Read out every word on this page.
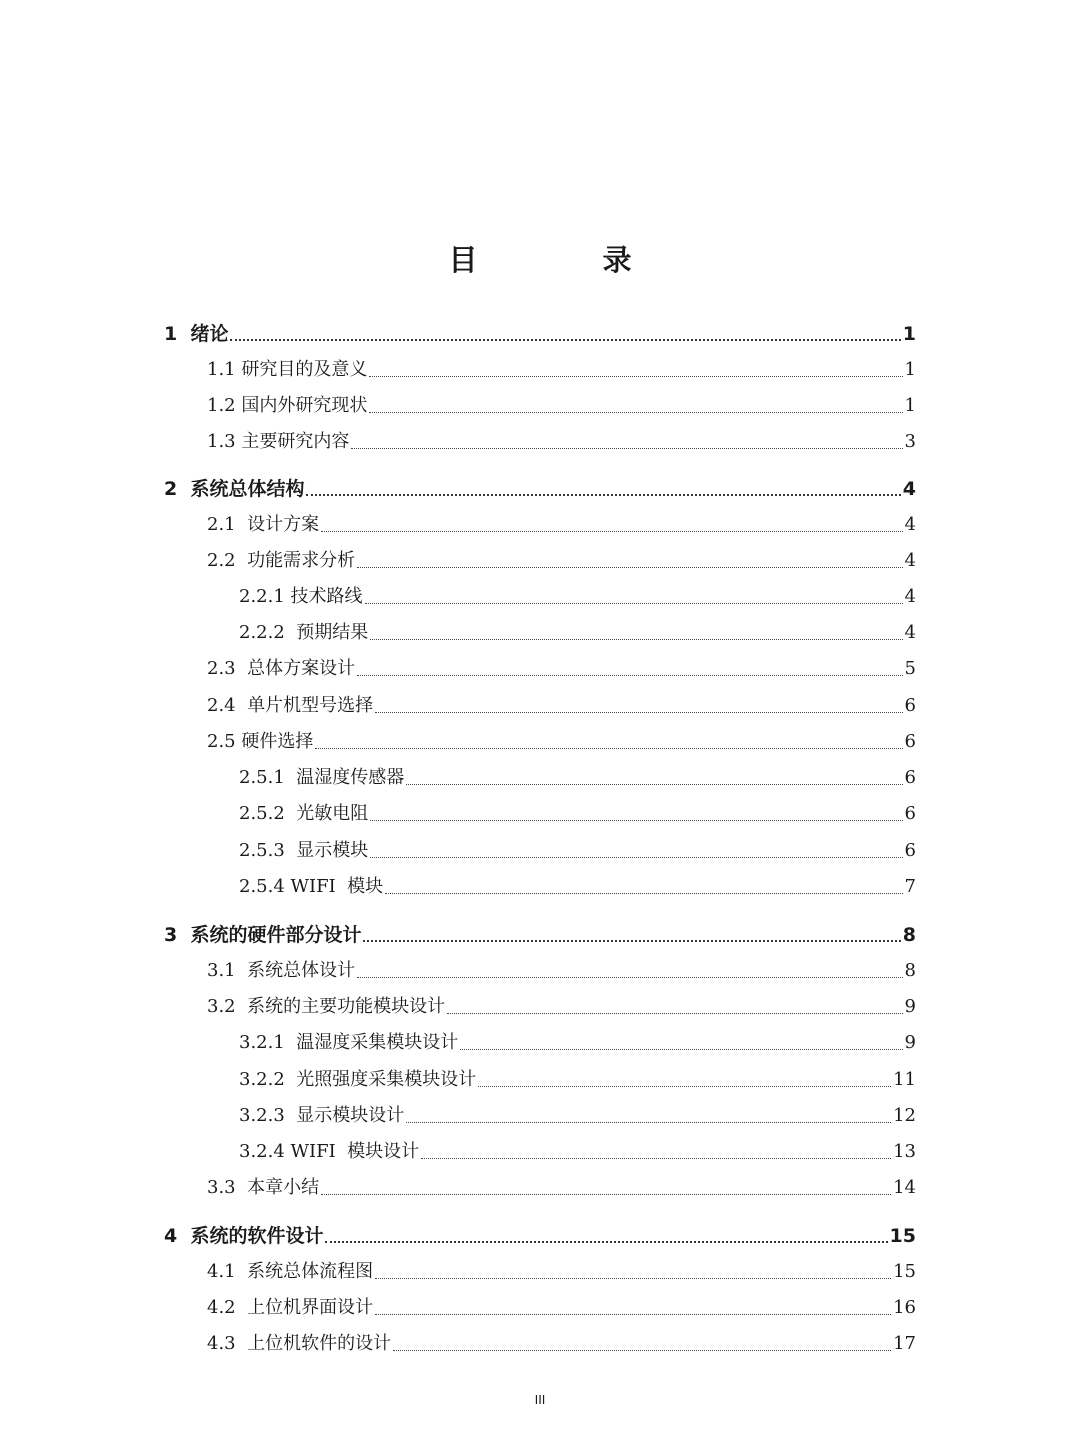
目　录
1  绪论	1
1.1 研究目的及意义	1
1.2 国内外研究现状	1
1.3 主要研究内容	3
2  系统总体结构	4
2.1  设计方案	4
2.2  功能需求分析	4
2.2.1 技术路线	4
2.2.2  预期结果	4
2.3  总体方案设计	5
2.4  单片机型号选择	6
2.5 硬件选择	6
2.5.1  温湿度传感器	6
2.5.2  光敏电阻	6
2.5.3  显示模块	6
2.5.4 WIFI  模块	7
3  系统的硬件部分设计	8
3.1  系统总体设计	8
3.2  系统的主要功能模块设计	9
3.2.1  温湿度采集模块设计	9
3.2.2  光照强度采集模块设计	11
3.2.3  显示模块设计	12
3.2.4 WIFI  模块设计	13
3.3  本章小结	14
4  系统的软件设计	15
4.1  系统总体流程图	15
4.2  上位机界面设计	16
4.3  上位机软件的设计	17
III
